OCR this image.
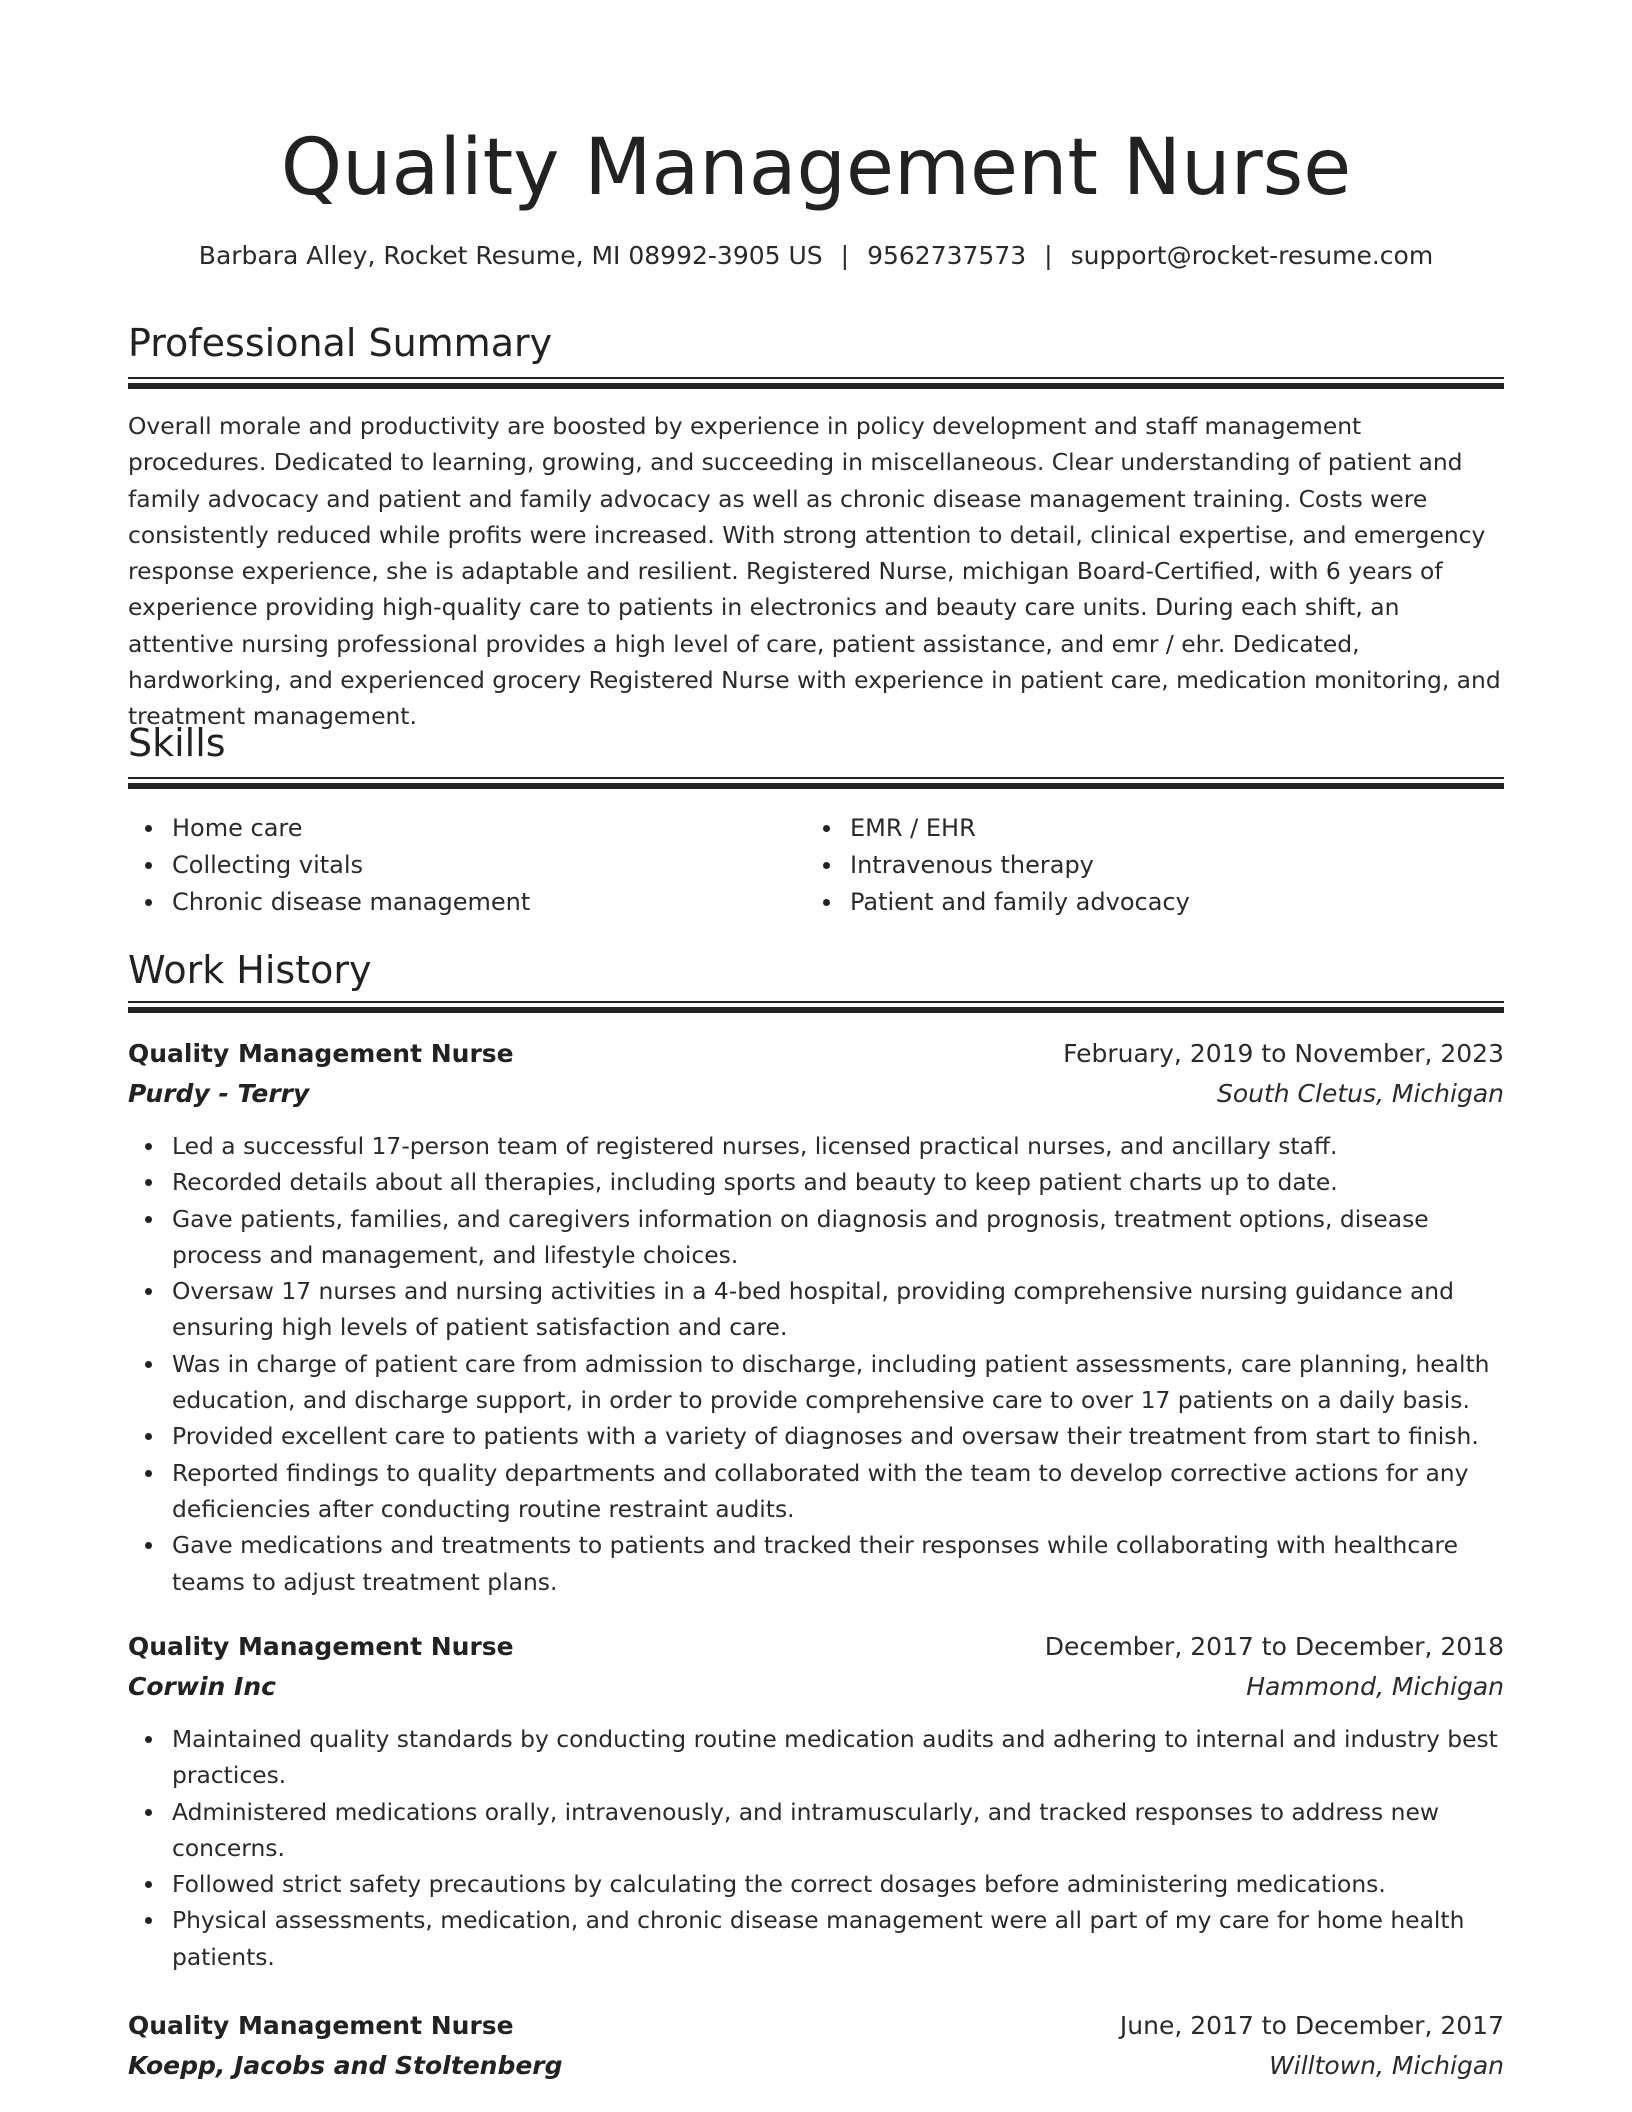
Quality Management Nurse
Barbara Alley, Rocket Resume, MI 08992-3905 US | 9562737573 | support@rocket-resume.com
Professional Summary

Overall morale and productivity are boosted by experience in policy development and staff management procedures. Dedicated to learning, growing, and succeeding in miscellaneous. Clear understanding of patient and family advocacy and patient and family advocacy as well as chronic disease management training. Costs were consistently reduced while profits were increased. With strong attention to detail, clinical expertise, and emergency response experience, she is adaptable and resilient. Registered Nurse, michigan Board-Certified, with 6 years of experience providing high-quality care to patients in electronics and beauty care units. During each shift, an attentive nursing professional provides a high level of care, patient assistance, and emr / ehr. Dedicated, hardworking, and experienced grocery Registered Nurse with experience in patient care, medication monitoring, and treatment management.

Skills
Home care
Collecting vitals
Chronic disease management
EMR / EHR
Intravenous therapy
Patient and family advocacy
Work History
Quality Management Nurse	February, 2019 to November, 2023
Purdy - Terry	South Cletus, Michigan
Led a successful 17-person team of registered nurses, licensed practical nurses, and ancillary staff.
Recorded details about all therapies, including sports and beauty to keep patient charts up to date.
Gave patients, families, and caregivers information on diagnosis and prognosis, treatment options, disease process and management, and lifestyle choices.
Oversaw 17 nurses and nursing activities in a 4-bed hospital, providing comprehensive nursing guidance and ensuring high levels of patient satisfaction and care.
Was in charge of patient care from admission to discharge, including patient assessments, care planning, health education, and discharge support, in order to provide comprehensive care to over 17 patients on a daily basis.
Provided excellent care to patients with a variety of diagnoses and oversaw their treatment from start to finish.
Reported findings to quality departments and collaborated with the team to develop corrective actions for any deficiencies after conducting routine restraint audits.
Gave medications and treatments to patients and tracked their responses while collaborating with healthcare teams to adjust treatment plans.
Quality Management Nurse	December, 2017 to December, 2018
Corwin Inc	Hammond, Michigan
Maintained quality standards by conducting routine medication audits and adhering to internal and industry best practices.
Administered medications orally, intravenously, and intramuscularly, and tracked responses to address new concerns.
Followed strict safety precautions by calculating the correct dosages before administering medications.
Physical assessments, medication, and chronic disease management were all part of my care for home health patients.
Quality Management Nurse	June, 2017 to December, 2017
Koepp, Jacobs and Stoltenberg	Willtown, Michigan
